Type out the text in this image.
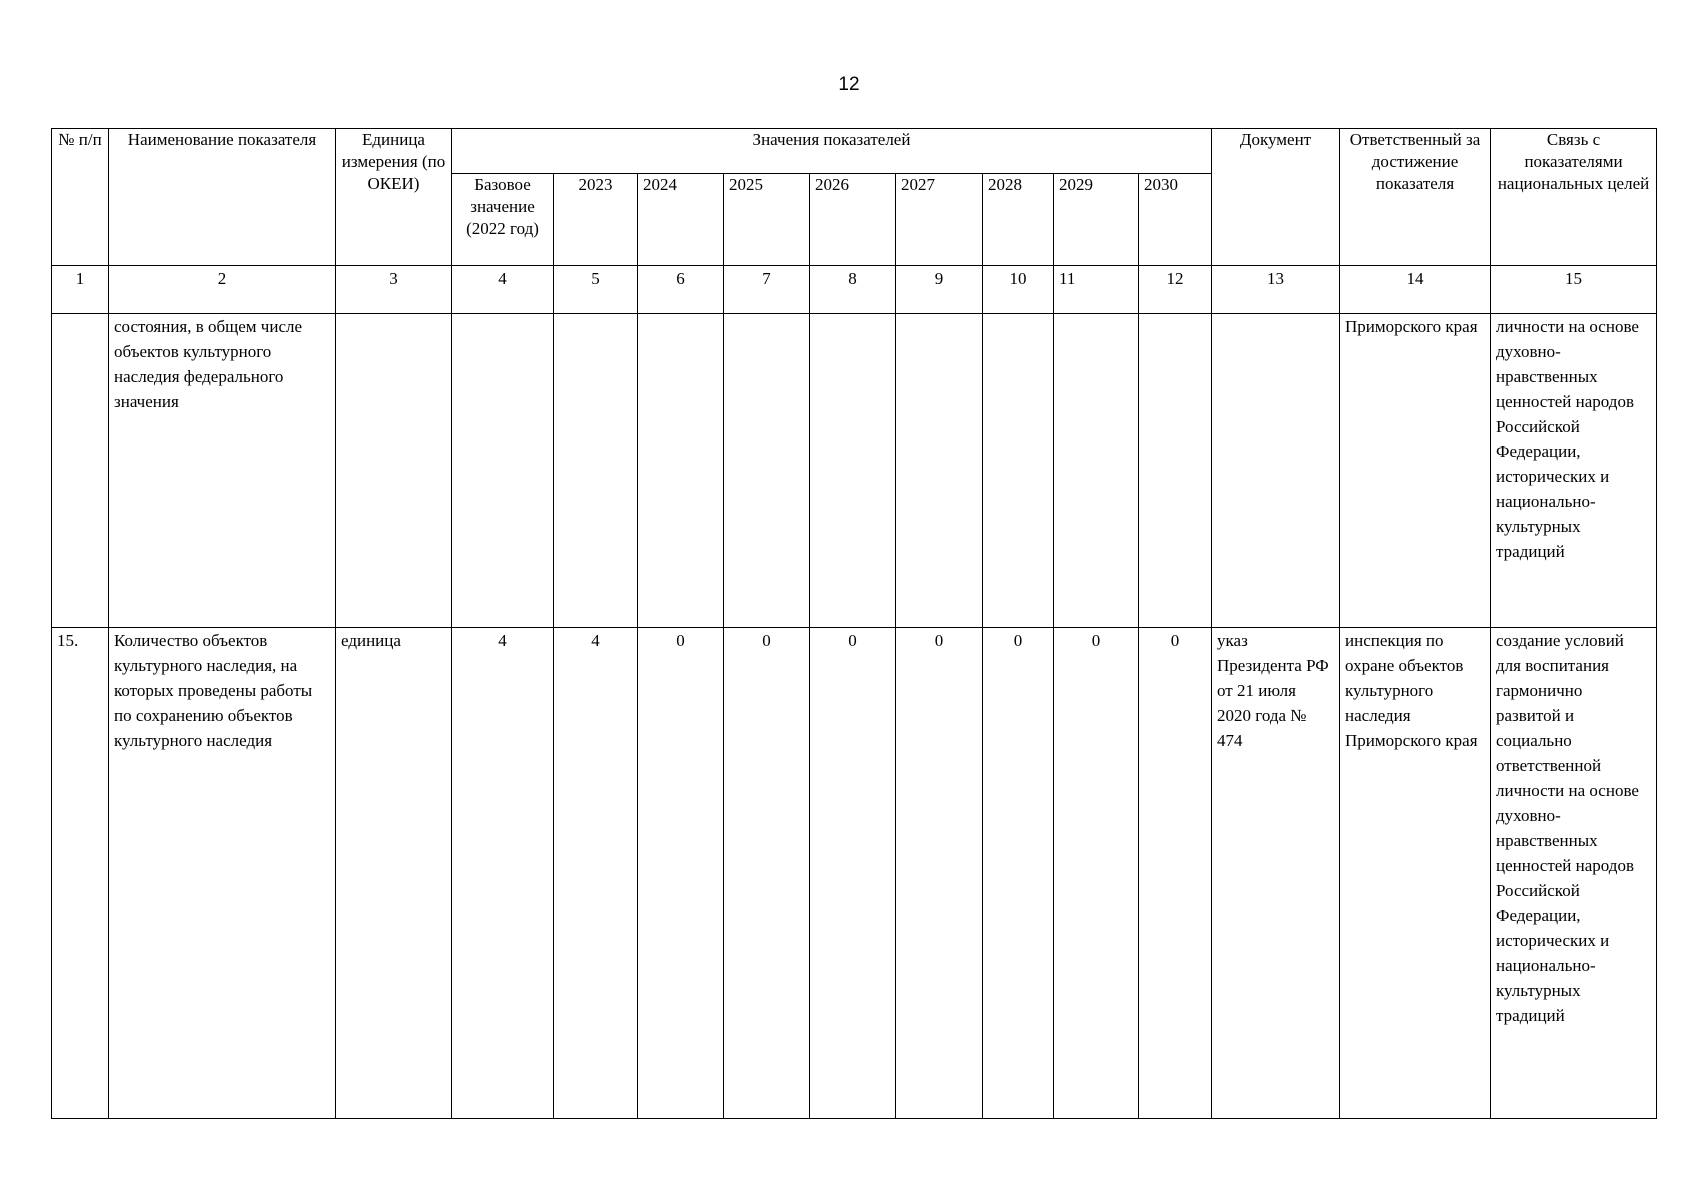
12
№ п/п	Наименование показателя	Единица измерения (по ОКЕИ)	Значения показателей									Документ	Ответственный за достижение показателя	Связь с показателями национальных целей
			Базовое значение (2022 год)	2023	2024	2025	2026	2027	2028	2029	2030			
1	2	3	4	5	6	7	8	9	10	11	12	13	14	15
	состояния, в общем числе объектов культурного наследия федерального значения												Приморского края	личности на основе духовно-нравственных ценностей народов Российской Федерации, исторических и национально-культурных традиций
15.	Количество объектов культурного наследия, на которых проведены работы по сохранению объектов культурного наследия	единица	4	4	0	0	0	0	0	0	0	указ Президента РФ от 21 июля 2020 года № 474	инспекция по охране объектов культурного наследия Приморского края	создание условий для воспитания гармонично развитой и социально ответственной личности на основе духовно-нравственных ценностей народов Российской Федерации, исторических и национально-культурных традиций
